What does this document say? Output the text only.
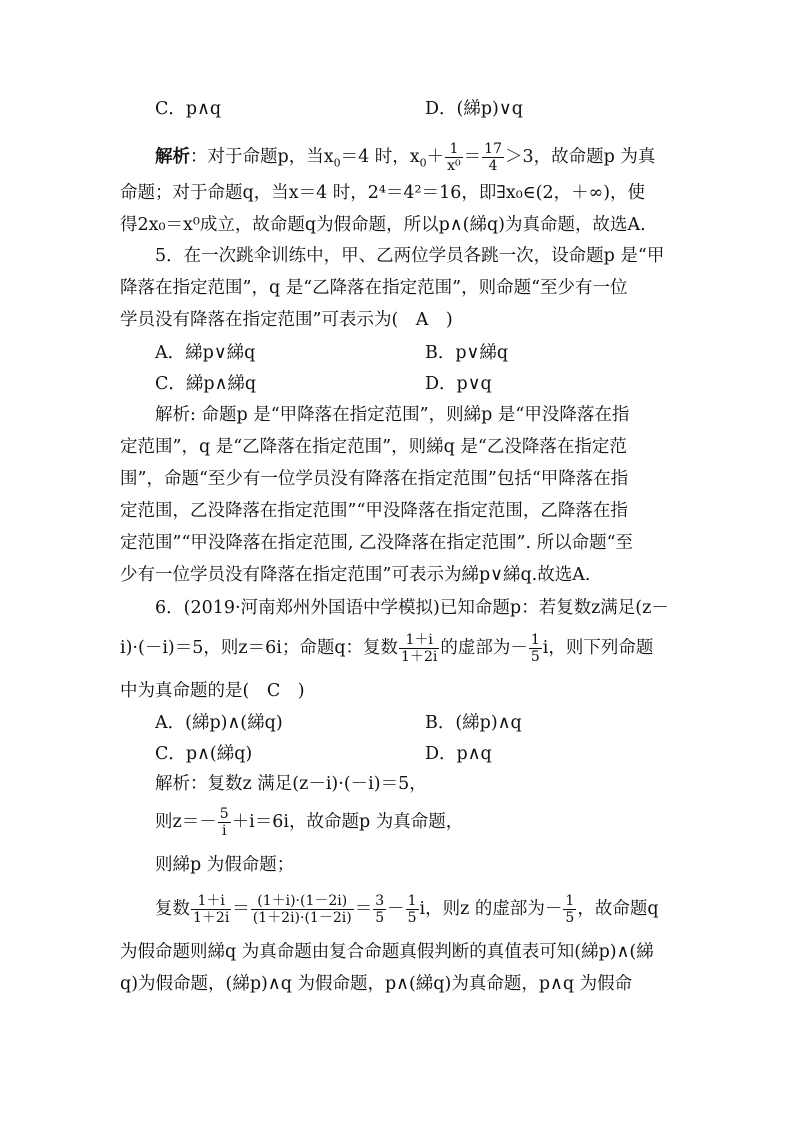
C．p∧q	D．(綈p)∨q
解析：对于命题p，当$x_0=4$ 时，$x_0+ \frac{1}{\text{x⁰}} = \frac{17}{4} >3$，故命题p 为真
命题；对于命题q，当x＝4 时，2⁴＝4²＝16，即∃x₀∈(2，＋∞)，使
得2x₀＝x⁰成立，故命题q为假命题，所以p∧(綈q)为真命题，故选A.
5．在一次跳伞训练中，甲、乙两位学员各跳一次，设命题p 是“甲
降落在指定范围”，q 是“乙降落在指定范围”，则命题“至少有一位
学员没有降落在指定范围”可表示为(　A　)
A．綈p∨綈q	B．p∨綈q
C．綈p∧綈q	D．p∨q
解析: 命题p 是“甲降落在指定范围”，则綈p 是“甲没降落在指
定范围”，q 是“乙降落在指定范围”，则綈q 是“乙没降落在指定范
围”，命题“至少有一位学员没有降落在指定范围”包括“甲降落在指
定范围，乙没降落在指定范围”“甲没降落在指定范围，乙降落在指
定范围”“甲没降落在指定范围, 乙没降落在指定范围”. 所以命题“至
少有一位学员没有降落在指定范围”可表示为綈p∨綈q.故选A.
6．(2019·河南郑州外国语中学模拟)已知命题p：若复数z满足(z－
i)·(－i)＝5，则z＝6i；命题q：复数 $\frac{1+i}{1+2i}$ 的虚部为－ $\frac{1}{5}$ i，则下列命题
中为真命题的是(　C　)
A．(綈p)∧(綈q)	B．(綈p)∧q
C．p∧(綈q)	D．p∧q
解析：复数z 满足(z－i)·(－i)＝5，
则$z=- \frac{5}{i} +i=6i$，故命题p 为真命题，
则綈p 为假命题；
复数 $\frac{1+i}{1+2i} = \frac{(1+i)\cdot(1-2i)}{(1+2i)\cdot(1-2i)} = \frac{3}{5} - \frac{1}{5}$ i，则z 的虚部为－ $\frac{1}{5}$ ，故命题q
为假命题则綈q 为真命题由复合命题真假判断的真值表可知(綈p)∧(綈
q)为假命题，(綈p)∧q 为假命题，p∧(綈q)为真命题，p∧q 为假命
